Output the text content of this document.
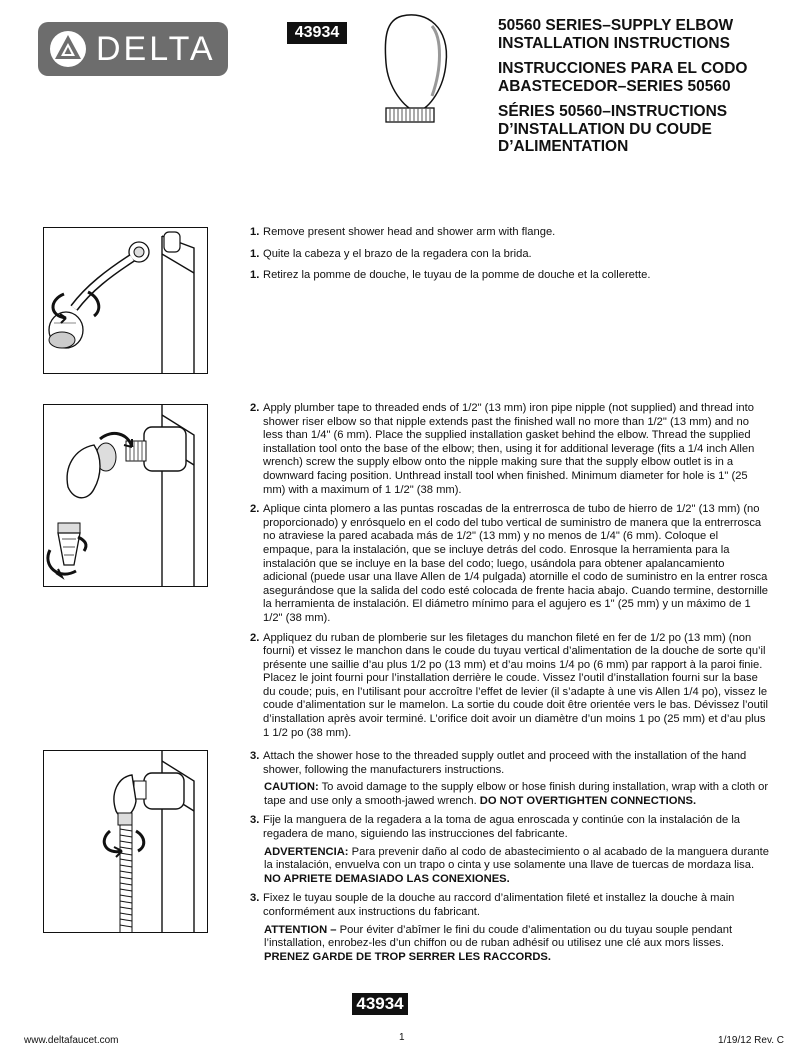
DELTA	43934	50560 SERIES–SUPPLY ELBOW INSTALLATION INSTRUCTIONS
INSTRUCCIONES PARA EL CODO ABASTECEDOR–SERIES 50560
SÉRIES 50560–INSTRUCTIONS D’INSTALLATION DU COUDE D’ALIMENTATION
1. Remove present shower head and shower arm with flange.
1. Quite la cabeza y el brazo de la regadera con la brida.
1. Retirez la pomme de douche, le tuyau de la pomme de douche et la collerette.
2. Apply plumber tape to threaded ends of 1/2" (13 mm) iron pipe nipple (not supplied) and thread into shower riser elbow so that nipple extends past the finished wall no more than 1/2" (13 mm) and no less than 1/4" (6 mm). Place the supplied installation gasket behind the elbow. Thread the supplied installation tool onto the base of the elbow; then, using it for additional leverage (fits a 1/4 inch Allen wrench) screw the supply elbow onto the nipple making sure that the supply elbow outlet is in a downward facing position. Unthread install tool when finished. Minimum diameter for hole is 1" (25 mm) with a maximum of 1 1/2" (38 mm).
2. Aplique cinta plomero a las puntas roscadas de la entrerrosca de tubo de hierro de 1/2" (13 mm) (no proporcionado) y enrósquelo en el codo del tubo vertical de suministro de manera que la entrerrosca no atraviese la pared acabada más de 1/2" (13 mm) y no menos de 1/4" (6 mm). Coloque el empaque, para la instalación, que se incluye detrás del codo. Enrosque la herramienta para la instalación que se incluye en la base del codo; luego, usándola para obtener apalancamiento adicional (puede usar una llave Allen de 1/4 pulgada) atornille el codo de suministro en la entrer rosca asegurándose que la salida del codo esté colocada de frente hacia abajo. Cuando termine, destornille la herramienta de instalación. El diámetro mínimo para el agujero es 1" (25 mm) y un máximo de 1 1/2" (38 mm).
2. Appliquez du ruban de plomberie sur les filetages du manchon fileté en fer de 1/2 po (13 mm) (non fourni) et vissez le manchon dans le coude du tuyau vertical d’alimentation de la douche de sorte qu’il présente une saillie d’au plus 1/2 po (13 mm) et d’au moins 1/4 po (6 mm) par rapport à la paroi finie. Placez le joint fourni pour l’installation derrière le coude. Vissez l’outil d’installation fourni sur la base du coude; puis, en l’utilisant pour accroître l’effet de levier (il s’adapte à une vis Allen 1/4 po), vissez le coude d’alimentation sur le mamelon. La sortie du coude doit être orientée vers le bas. Dévissez l’outil d’installation après avoir terminé. L’orifice doit avoir un diamètre d’un moins 1 po (25 mm) et d’au plus 1 1/2 po (38 mm).
3. Attach the shower hose to the threaded supply outlet and proceed with the installation of the hand shower, following the manufacturers instructions.
CAUTION: To avoid damage to the supply elbow or hose finish during installation, wrap with a cloth or tape and use only a smooth-jawed wrench. DO NOT OVERTIGHTEN CONNECTIONS.
3. Fije la manguera de la regadera a la toma de agua enroscada y continúe con la instalación de la regadera de mano, siguiendo las instrucciones del fabricante.
ADVERTENCIA: Para prevenir daño al codo de abastecimiento o al acabado de la manguera durante la instalación, envuelva con un trapo o cinta y use solamente una llave de tuercas de mordaza lisa. NO APRIETE DEMASIADO LAS CONEXIONES.
3. Fixez le tuyau souple de la douche au raccord d’alimentation fileté et installez la douche à main conformément aux instructions du fabricant.
ATTENTION – Pour éviter d’abîmer le fini du coude d’alimentation ou du tuyau souple pendant l’installation, enrobez-les d’un chiffon ou de ruban adhésif ou utilisez une clé aux mors lisses. PRENEZ GARDE DE TROP SERRER LES RACCORDS.
43934
www.deltafaucet.com	1	1/19/12 Rev. C
